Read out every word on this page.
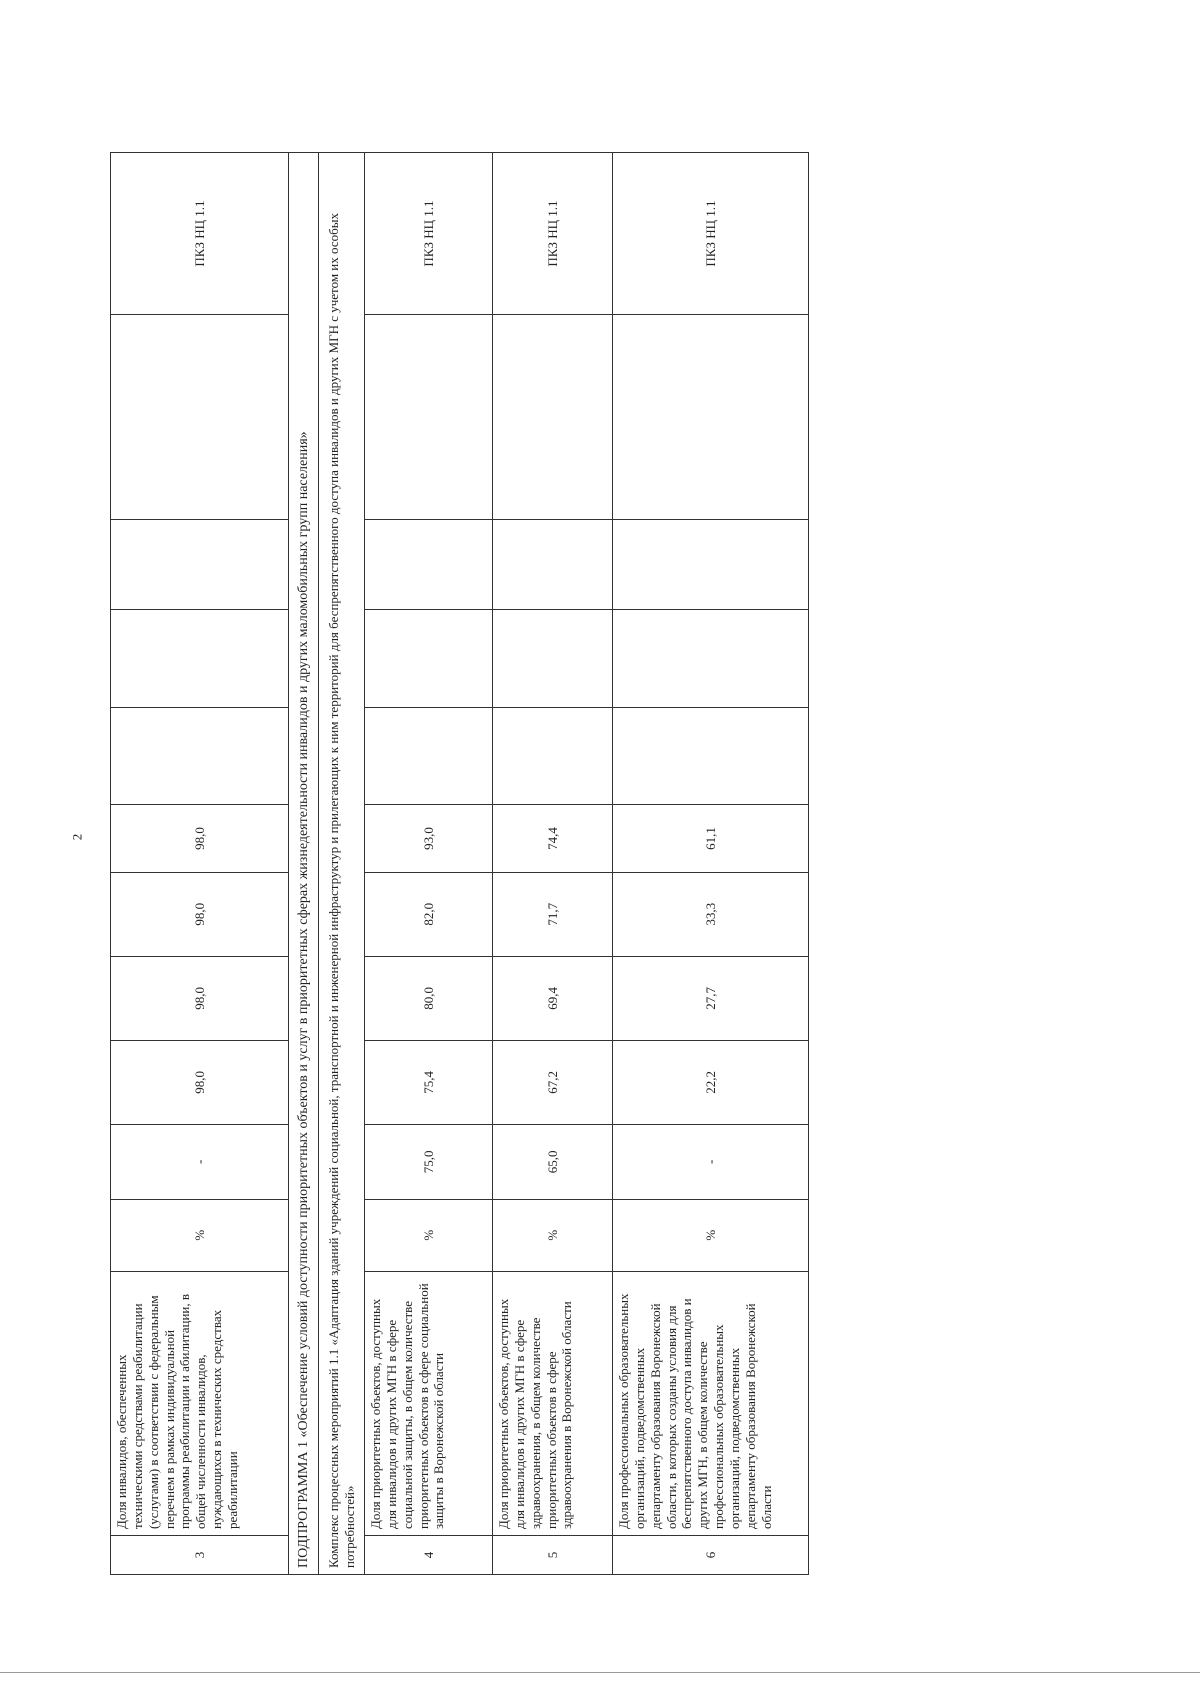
2
3	Доля инвалидов, обеспеченных техническими средствами реабилитации (услугами) в соответствии с федеральным перечнем в рамках индивидуальной программы реабилитации и абилитации, в общей численности инвалидов, нуждающихся в технических средствах реабилитации	%	-	98,0	98,0	98,0	98,0					ПКЗ НЦ 1.1
ПОДПРОГРАММА 1 «Обеспечение условий доступности приоритетных объектов и услуг в приоритетных сферах жизнедеятельности инвалидов и других маломобильных групп населения»												
Комплекс процессных мероприятий 1.1 «Адаптация зданий учреждений социальной, транспортной и инженерной инфраструктур и прилегающих к ним территорий для беспрепятственного доступа инвалидов и других МГН с учетом их особых потребностей»												
4	Доля приоритетных объектов, доступных для инвалидов и других МГН в сфере социальной защиты, в общем количестве приоритетных объектов в сфере социальной защиты в Воронежской области	%	75,0	75,4	80,0	82,0	93,0					ПКЗ НЦ 1.1
5	Доля приоритетных объектов, доступных для инвалидов и других МГН в сфере здравоохранения, в общем количестве приоритетных объектов в сфере здравоохранения в Воронежской области	%	65,0	67,2	69,4	71,7	74,4					ПКЗ НЦ 1.1
6	Доля профессиональных образовательных организаций, подведомственных департаменту образования Воронежской области, в которых созданы условия для беспрепятственного доступа инвалидов и других МГН, в общем количестве профессиональных образовательных организаций, подведомственных департаменту образования Воронежской области	%	-	22,2	27,7	33,3	61,1					ПКЗ НЦ 1.1
